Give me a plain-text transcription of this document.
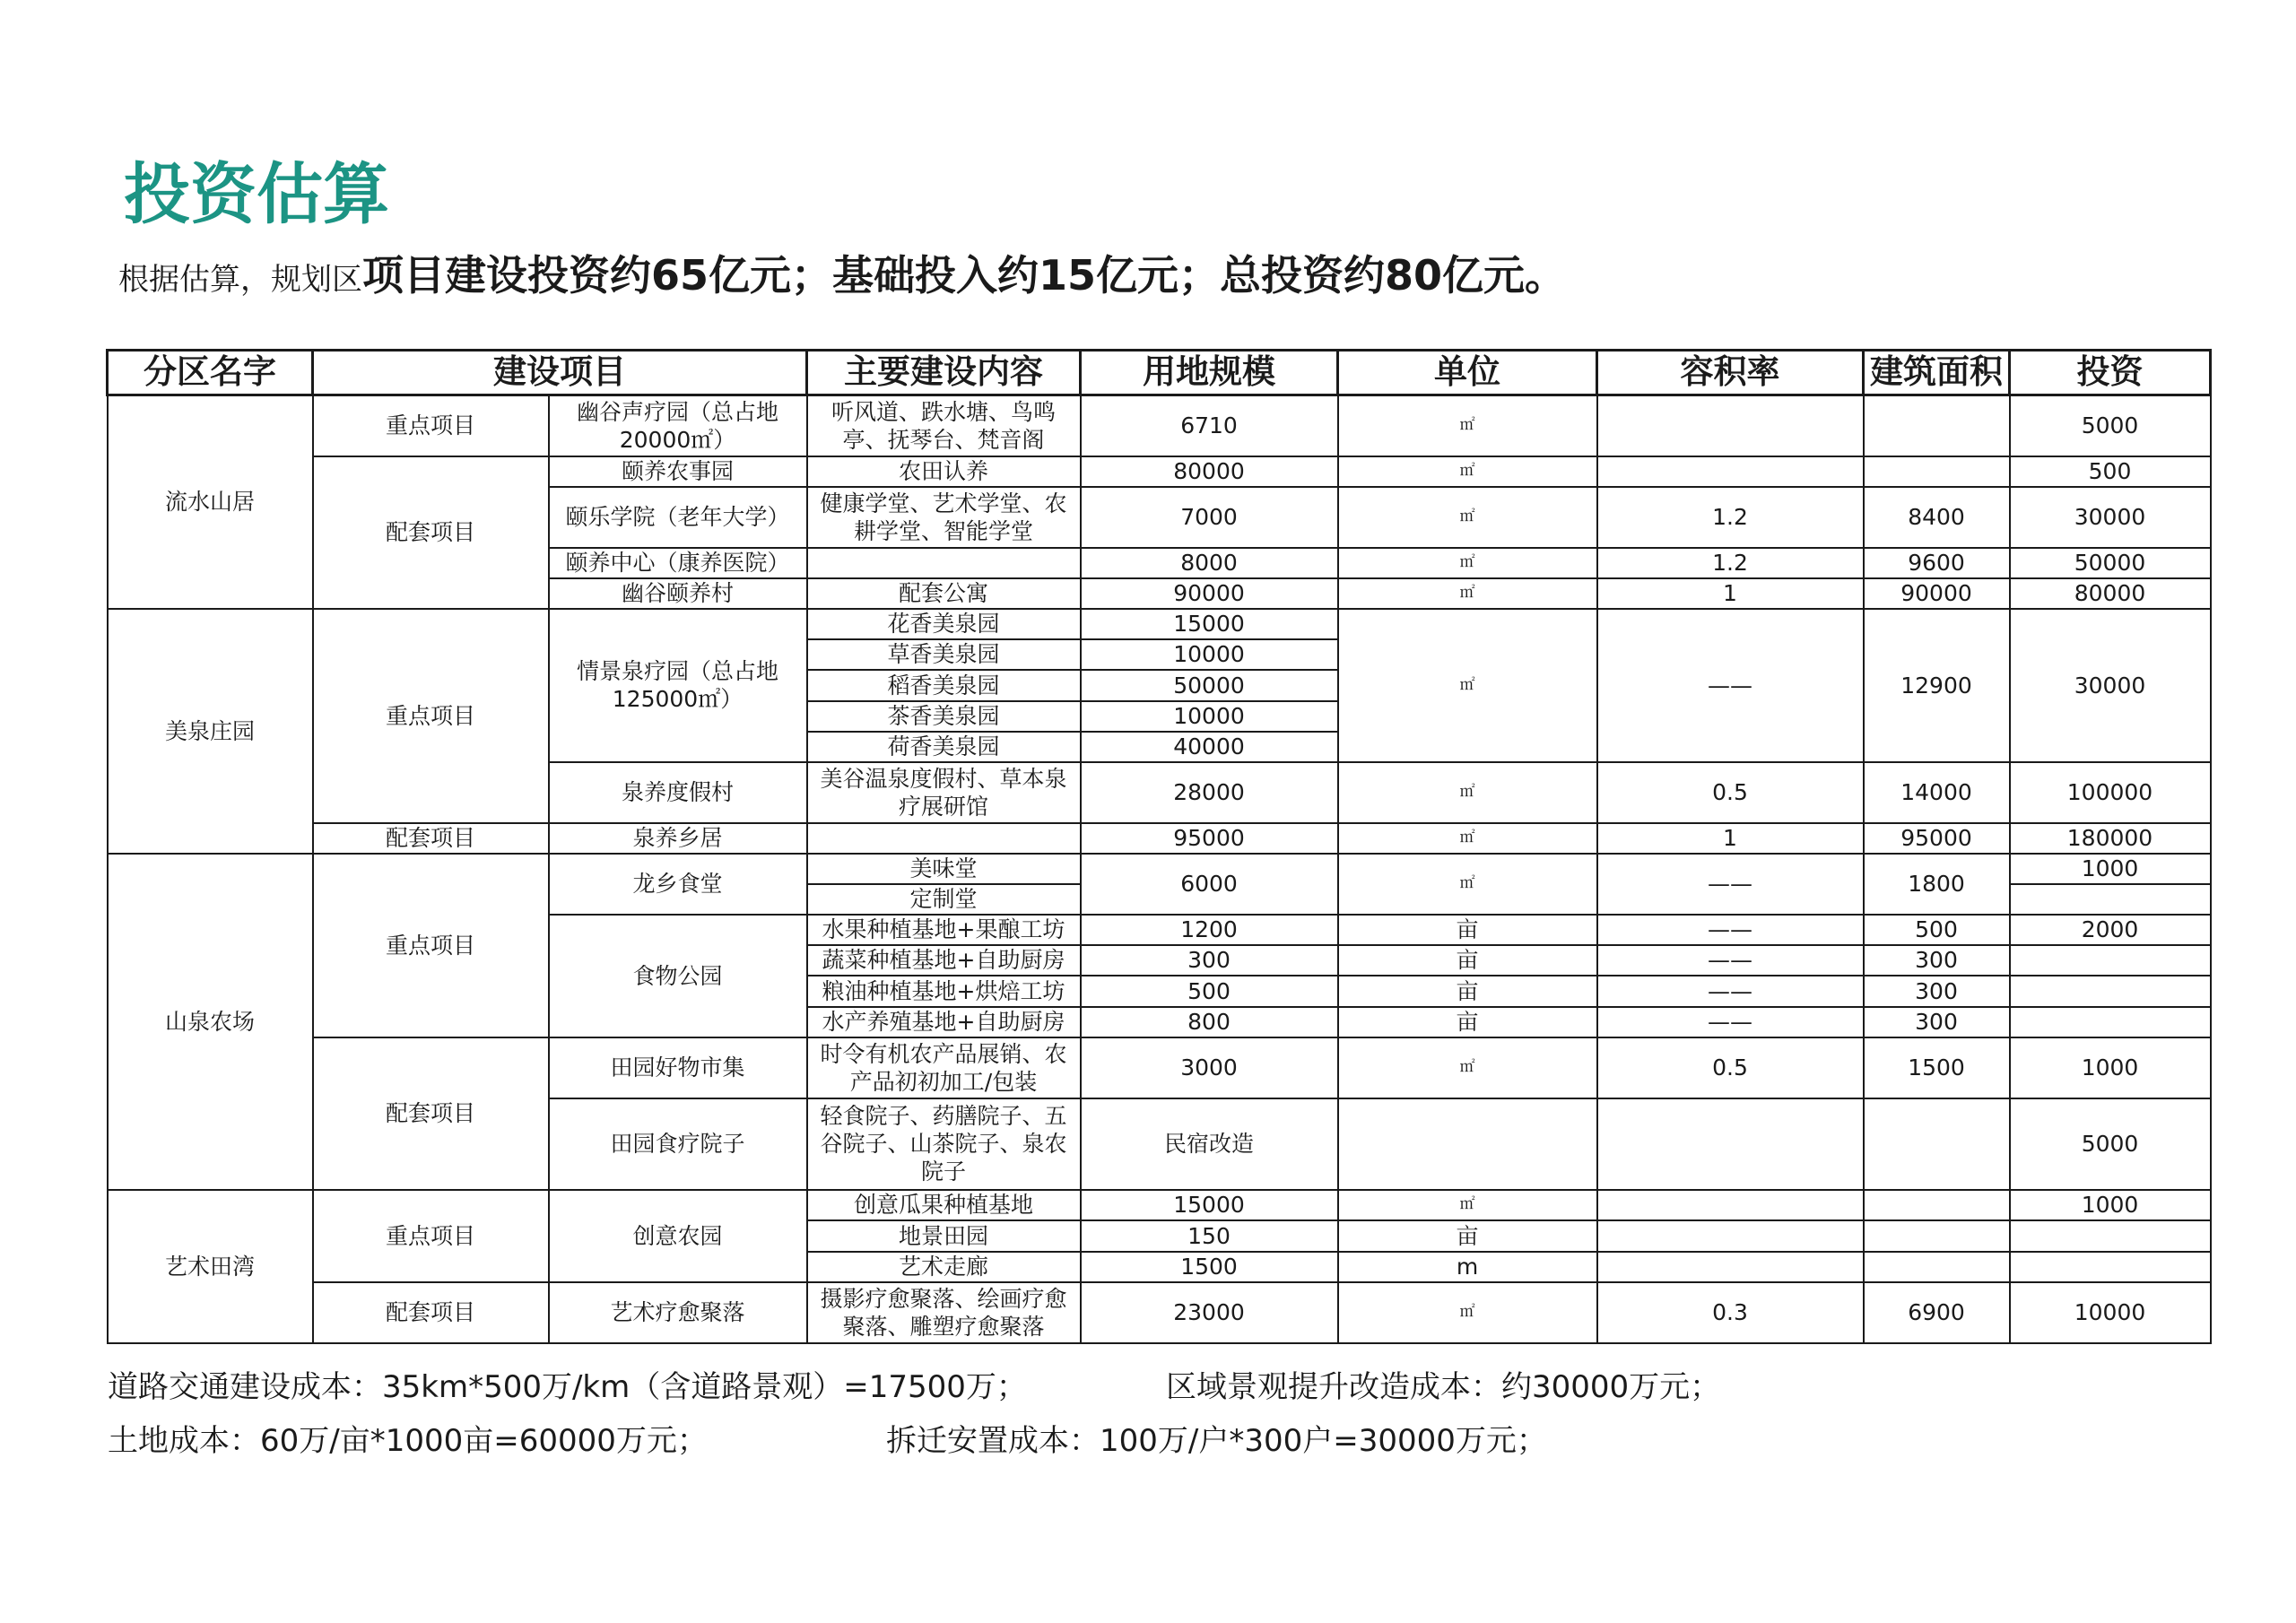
投资估算
根据估算，规划区项目建设投资约65亿元；基础投入约15亿元；总投资约80亿元。
分区名字	建设项目		主要建设内容	用地规模	单位	容积率	建筑面积	投资
流水山居	重点项目	幽谷声疗园（总占地20000㎡）	听风道、跌水塘、鸟鸣亭、抚琴台、梵音阁	6710	㎡			5000
	配套项目	颐养农事园	农田认养	80000	㎡			500
		颐乐学院（老年大学）	健康学堂、艺术学堂、农耕学堂、智能学堂	7000	㎡	1.2	8400	30000
		颐养中心（康养医院）		8000	㎡	1.2	9600	50000
		幽谷颐养村	配套公寓	90000	㎡	1	90000	80000
美泉庄园	重点项目	情景泉疗园（总占地125000㎡）	花香美泉园	15000	㎡	——	12900	30000
			草香美泉园	10000				
			稻香美泉园	50000				
			茶香美泉园	10000				
			荷香美泉园	40000				
		泉养度假村	美谷温泉度假村、草本泉疗展研馆	28000	㎡	0.5	14000	100000
	配套项目	泉养乡居		95000	㎡	1	95000	180000
山泉农场	重点项目	龙乡食堂	美味堂	6000	㎡	——	1800	1000
			定制堂					
		食物公园	水果种植基地+果酿工坊	1200	亩	——	500	2000
			蔬菜种植基地+自助厨房	300	亩	——	300	
			粮油种植基地+烘焙工坊	500	亩	——	300	
			水产养殖基地+自助厨房	800	亩	——	300	
	配套项目	田园好物市集	时令有机农产品展销、农产品初初加工/包装	3000	㎡	0.5	1500	1000
		田园食疗院子	轻食院子、药膳院子、五谷院子、山茶院子、泉农院子	民宿改造				5000
艺术田湾	重点项目	创意农园	创意瓜果种植基地	15000	㎡			1000
			地景田园	150	亩			
			艺术走廊	1500	m			
	配套项目	艺术疗愈聚落	摄影疗愈聚落、绘画疗愈聚落、雕塑疗愈聚落	23000	㎡	0.3	6900	10000
道路交通建设成本：35km*500万/km（含道路景观）=17500万；	区域景观提升改造成本：约30000万元；
土地成本：60万/亩*1000亩=60000万元；	拆迁安置成本：100万/户*300户=30000万元；
